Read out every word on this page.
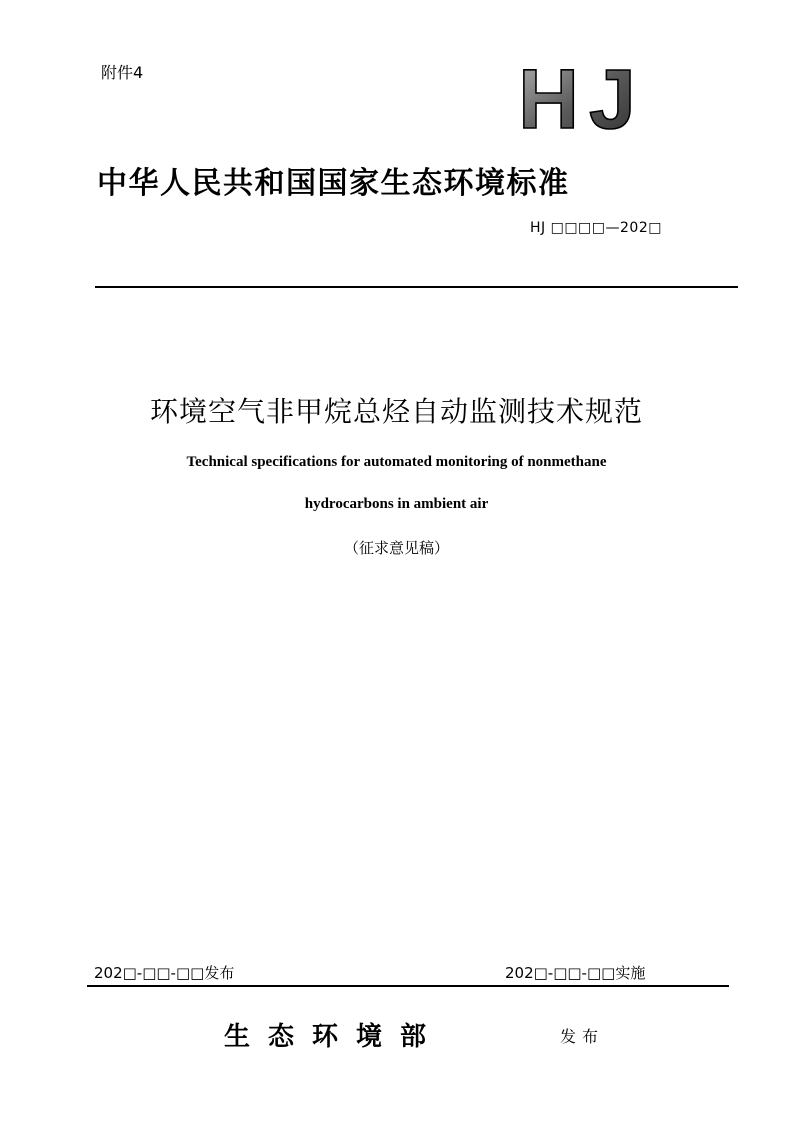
附件4	HJ
中华人民共和国国家生态环境标准
HJ □□□□—202□
环境空气非甲烷总烃自动监测技术规范
Technical specifications for automated monitoring of nonmethane
hydrocarbons in ambient air
（征求意见稿）
202□-□□-□□发布	202□-□□-□□实施
生态环境部	发布
